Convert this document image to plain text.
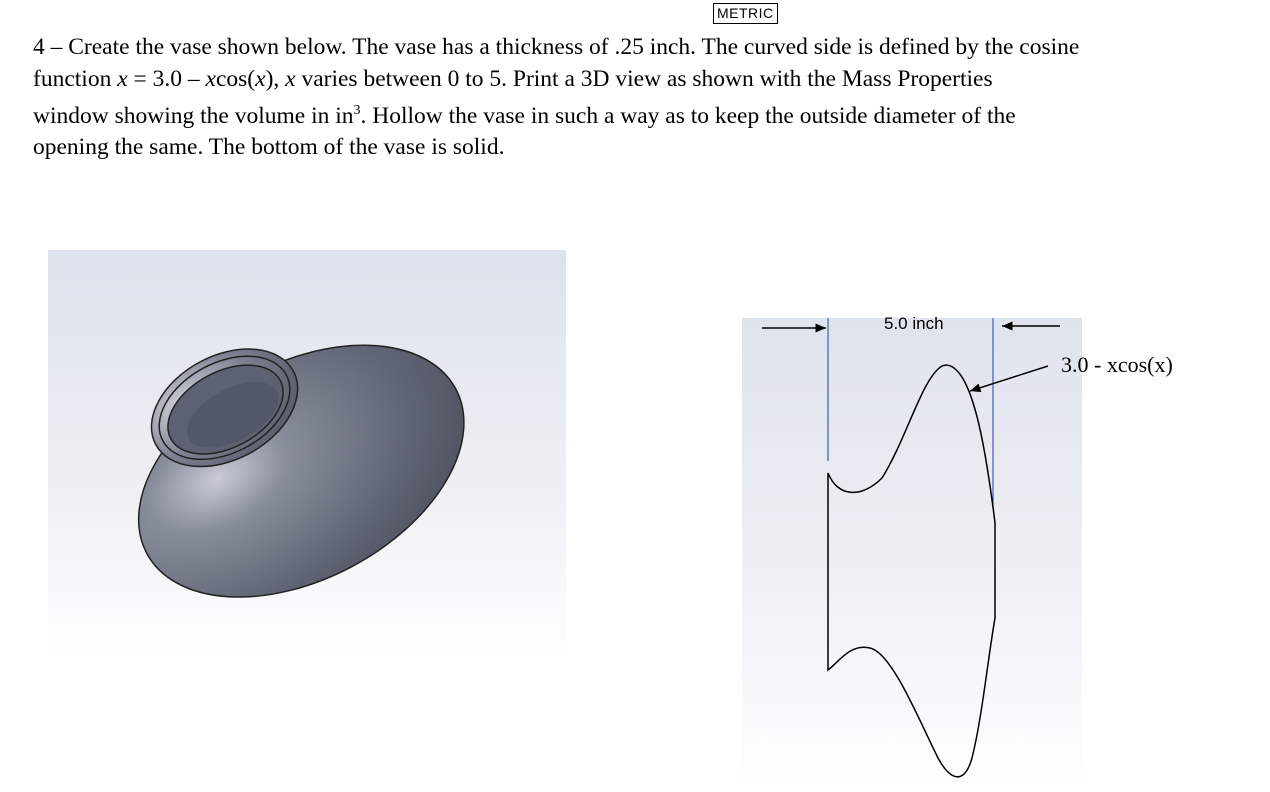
METRIC

4 – Create the vase shown below. The vase has a thickness of .25 inch. The curved side is defined by the cosine

function x = 3.0 – xcos(x), x varies between 0 to 5. Print a 3D view as shown with the Mass Properties

window showing the volume in $in^3$. Hollow the vase in such a way as to keep the outside diameter of the

opening the same. The bottom of the vase is solid.

5.0 inch
3.0 - xcos(x)
